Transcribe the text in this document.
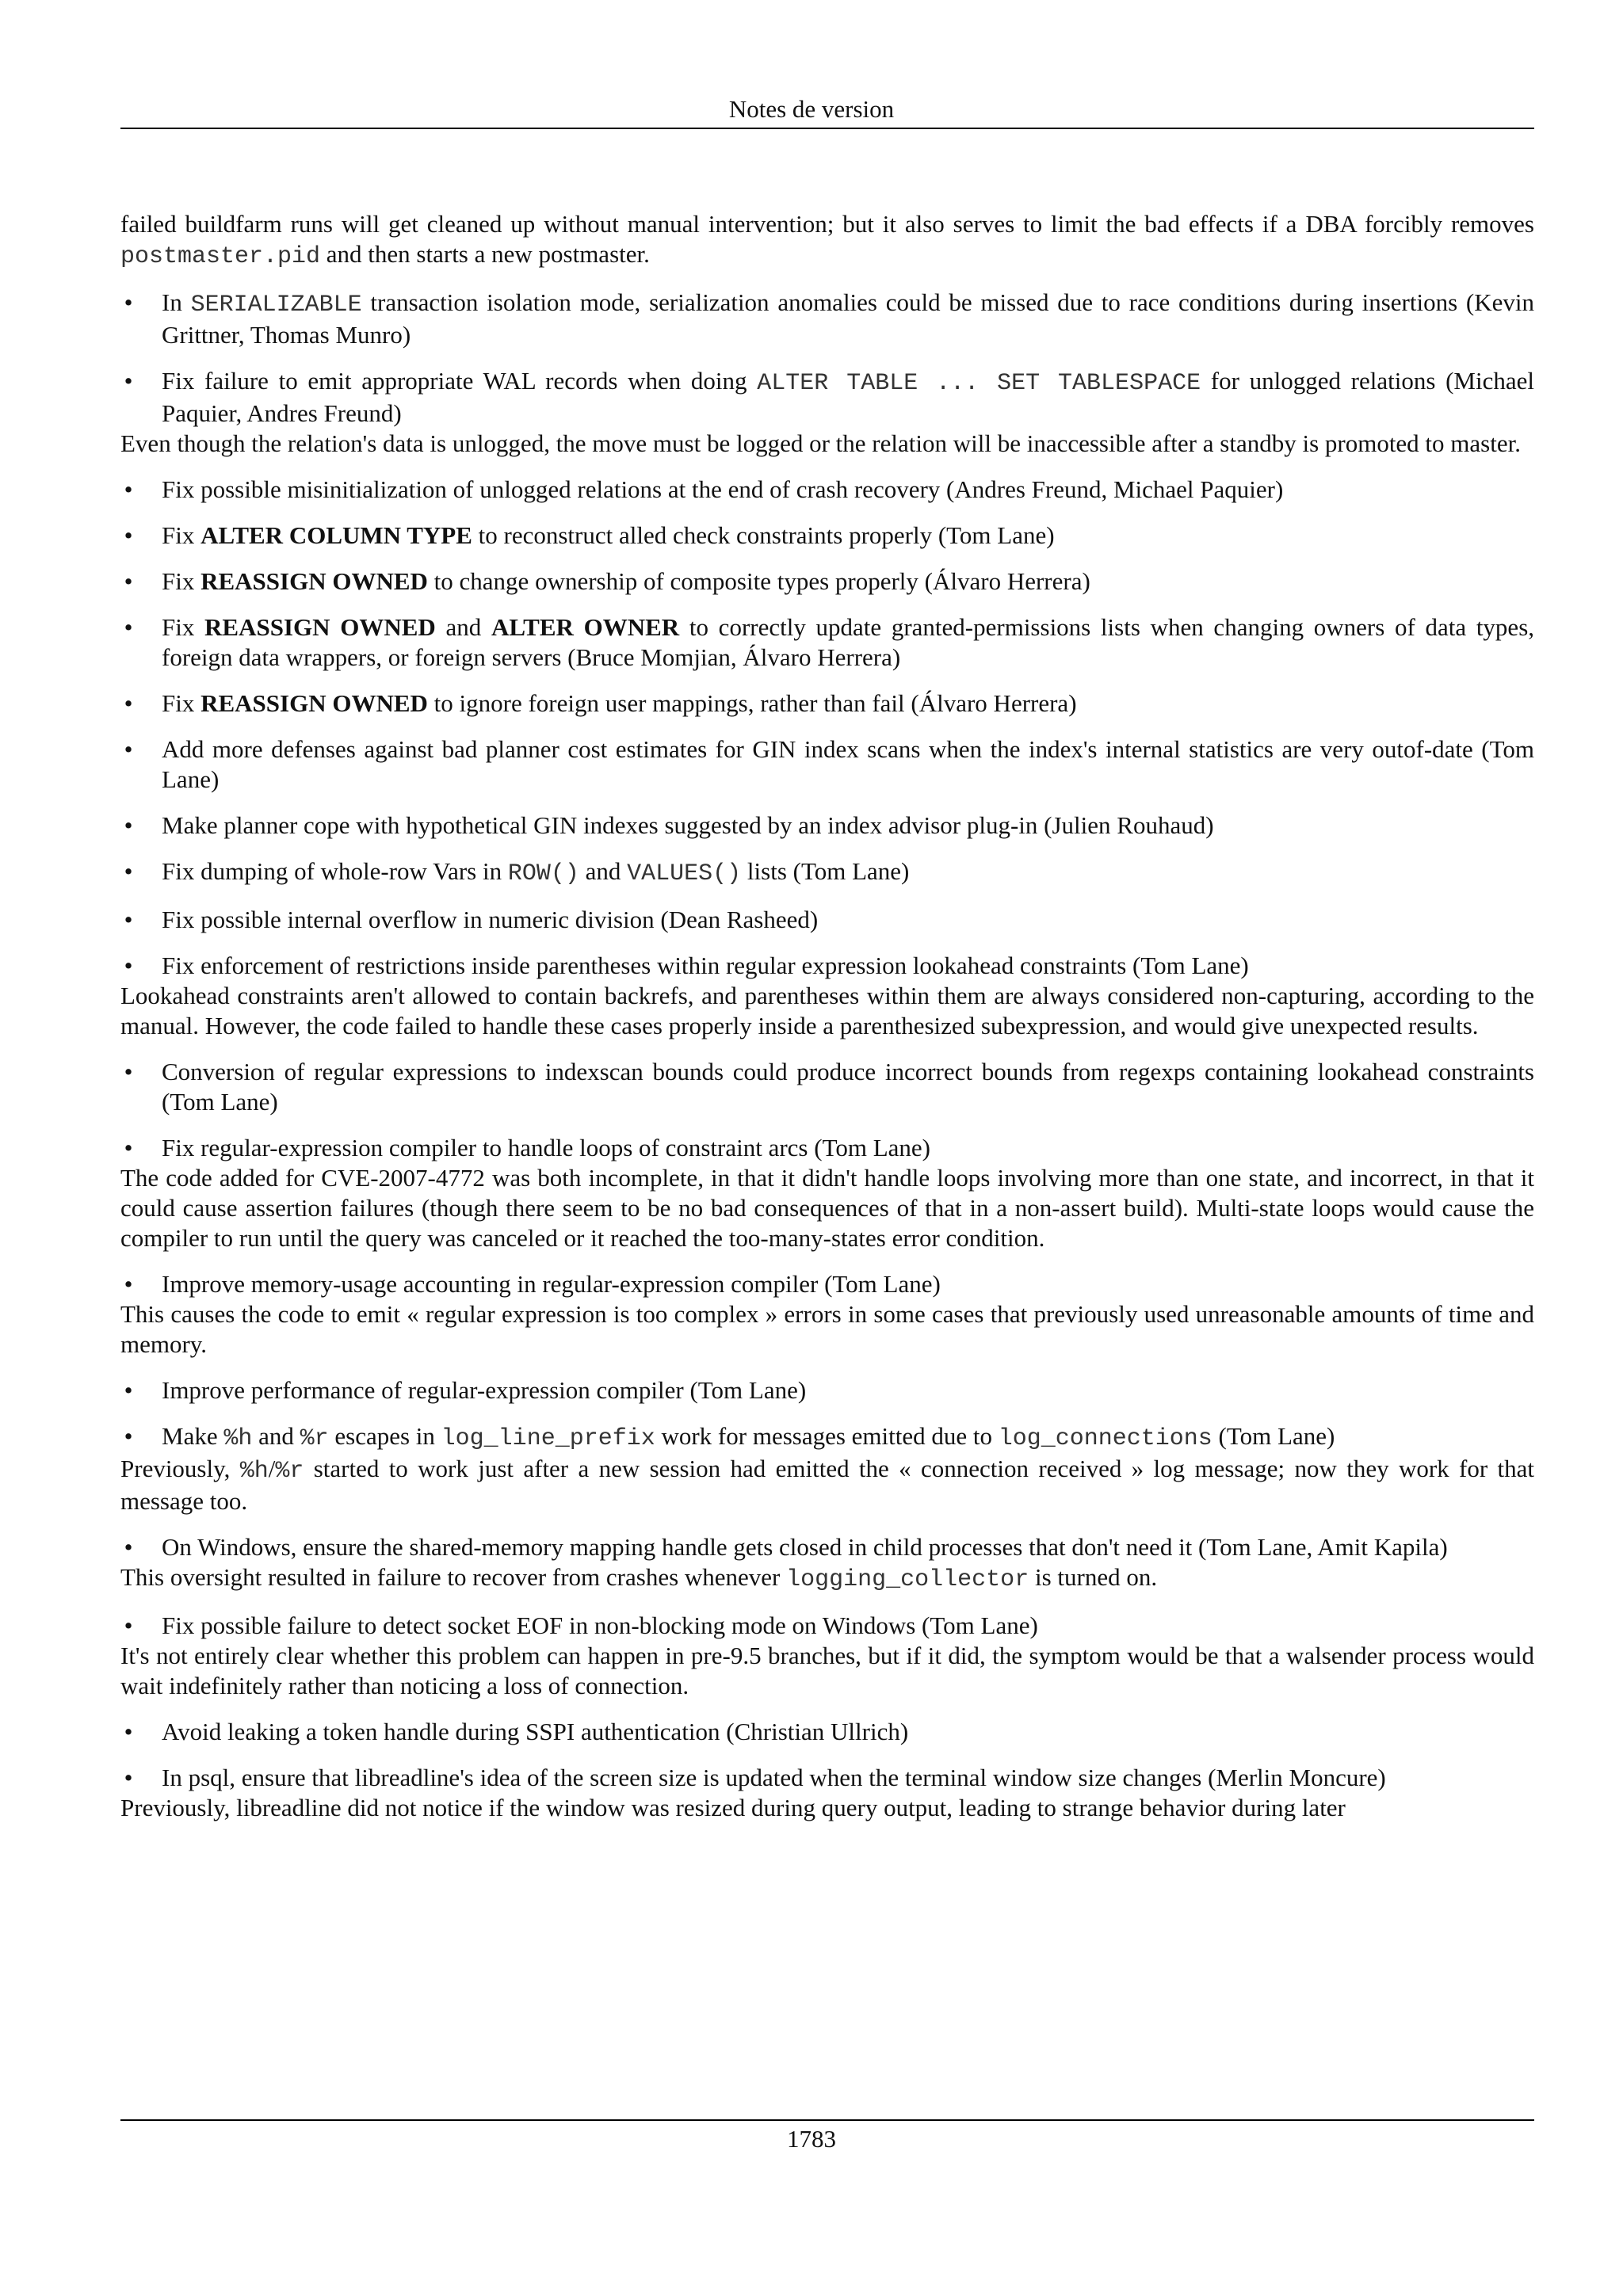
Notes de version

failed buildfarm runs will get cleaned up without manual intervention; but it also serves to limit the bad effects if a DBA forcibly removes postmaster.pid and then starts a new postmaster.

• In SERIALIZABLE transaction isolation mode, serialization anomalies could be missed due to race conditions during insertions (Kevin Grittner, Thomas Munro)
• Fix failure to emit appropriate WAL records when doing ALTER TABLE ... SET TABLESPACE for unlogged relations (Michael Paquier, Andres Freund)

Even though the relation's data is unlogged, the move must be logged or the relation will be inaccessible after a standby is promoted to master.

• Fix possible misinitialization of unlogged relations at the end of crash recovery (Andres Freund, Michael Paquier)
• Fix ALTER COLUMN TYPE to reconstruct alled check constraints properly (Tom Lane)
• Fix REASSIGN OWNED to change ownership of composite types properly (Álvaro Herrera)
• Fix REASSIGN OWNED and ALTER OWNER to correctly update granted-permissions lists when changing owners of data types, foreign data wrappers, or foreign servers (Bruce Momjian, Álvaro Herrera)
• Fix REASSIGN OWNED to ignore foreign user mappings, rather than fail (Álvaro Herrera)
• Add more defenses against bad planner cost estimates for GIN index scans when the index's internal statistics are very outof-date (Tom Lane)
• Make planner cope with hypothetical GIN indexes suggested by an index advisor plug-in (Julien Rouhaud)
• Fix dumping of whole-row Vars in ROW() and VALUES() lists (Tom Lane)
• Fix possible internal overflow in numeric division (Dean Rasheed)
• Fix enforcement of restrictions inside parentheses within regular expression lookahead constraints (Tom Lane)

Lookahead constraints aren't allowed to contain backrefs, and parentheses within them are always considered non-capturing, according to the manual. However, the code failed to handle these cases properly inside a parenthesized subexpression, and would give unexpected results.

• Conversion of regular expressions to indexscan bounds could produce incorrect bounds from regexps containing lookahead constraints (Tom Lane)
• Fix regular-expression compiler to handle loops of constraint arcs (Tom Lane)

The code added for CVE-2007-4772 was both incomplete, in that it didn't handle loops involving more than one state, and incorrect, in that it could cause assertion failures (though there seem to be no bad consequences of that in a non-assert build). Multi-state loops would cause the compiler to run until the query was canceled or it reached the too-many-states error condition.

• Improve memory-usage accounting in regular-expression compiler (Tom Lane)

This causes the code to emit « regular expression is too complex » errors in some cases that previously used unreasonable amounts of time and memory.

• Improve performance of regular-expression compiler (Tom Lane)
• Make %h and %r escapes in log_line_prefix work for messages emitted due to log_connections (Tom Lane)

Previously, %h/%r started to work just after a new session had emitted the « connection received » log message; now they work for that message too.

• On Windows, ensure the shared-memory mapping handle gets closed in child processes that don't need it (Tom Lane, Amit Kapila)

This oversight resulted in failure to recover from crashes whenever logging_collector is turned on.

• Fix possible failure to detect socket EOF in non-blocking mode on Windows (Tom Lane)

It's not entirely clear whether this problem can happen in pre-9.5 branches, but if it did, the symptom would be that a walsender process would wait indefinitely rather than noticing a loss of connection.

• Avoid leaking a token handle during SSPI authentication (Christian Ullrich)
• In psql, ensure that libreadline's idea of the screen size is updated when the terminal window size changes (Merlin Moncure)

Previously, libreadline did not notice if the window was resized during query output, leading to strange behavior during later

1783
